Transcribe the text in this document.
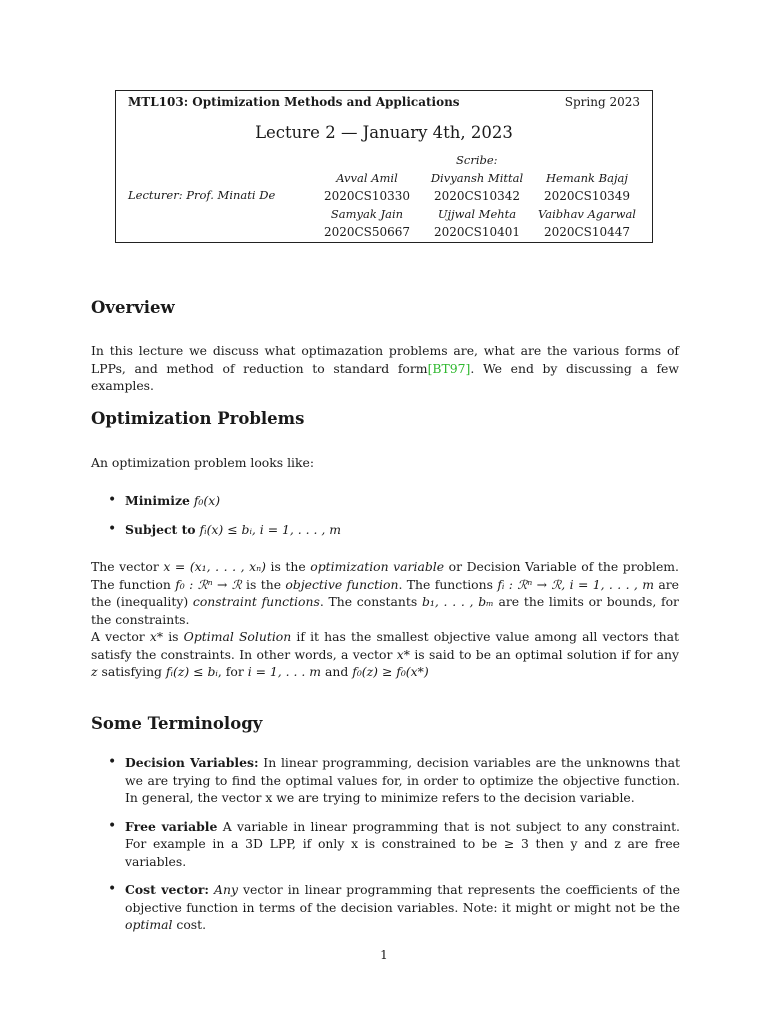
MTL103: Optimization Methods and Applications	Spring 2023
Lecture 2 — January 4th, 2023
Scribe:
Lecturer: Prof. Minati De
Avval Amil	Divyansh Mittal	Hemank Bajaj
2020CS10330	2020CS10342	2020CS10349
Samyak Jain	Ujjwal Mehta	Vaibhav Agarwal
2020CS50667	2020CS10401	2020CS10447
Overview

In this lecture we discuss what optimazation problems are, what are the various forms of LPPs, and method of reduction to standard form[BT97]. We end by discussing a few examples.

Optimization Problems

An optimization problem looks like:

• Minimize f₀(x)
• Subject to fᵢ(x) ≤ bᵢ, i = 1, . . . , m

The vector x = (x₁, . . . , xₙ) is the optimization variable or Decision Variable of the problem. The function f₀ : ℛⁿ → ℛ is the objective function. The functions fᵢ : ℛⁿ → ℛ, i = 1, . . . , m are the (inequality) constraint functions. The constants b₁, . . . , bₘ are the limits or bounds, for the constraints.

A vector x* is Optimal Solution if it has the smallest objective value among all vectors that satisfy the constraints. In other words, a vector x* is said to be an optimal solution if for any z satisfying fᵢ(z) ≤ bᵢ, for i = 1, . . . m and f₀(z) ≥ f₀(x*)

Some Terminology
• Decision Variables: In linear programming, decision variables are the unknowns that we are trying to find the optimal values for, in order to optimize the objective function. In general, the vector x we are trying to minimize refers to the decision variable.
• Free variable A variable in linear programming that is not subject to any constraint. For example in a 3D LPP, if only x is constrained to be ≥ 3 then y and z are free variables.
• Cost vector: Any vector in linear programming that represents the coefficients of the objective function in terms of the decision variables. Note: it might or might not be the optimal cost.
1
